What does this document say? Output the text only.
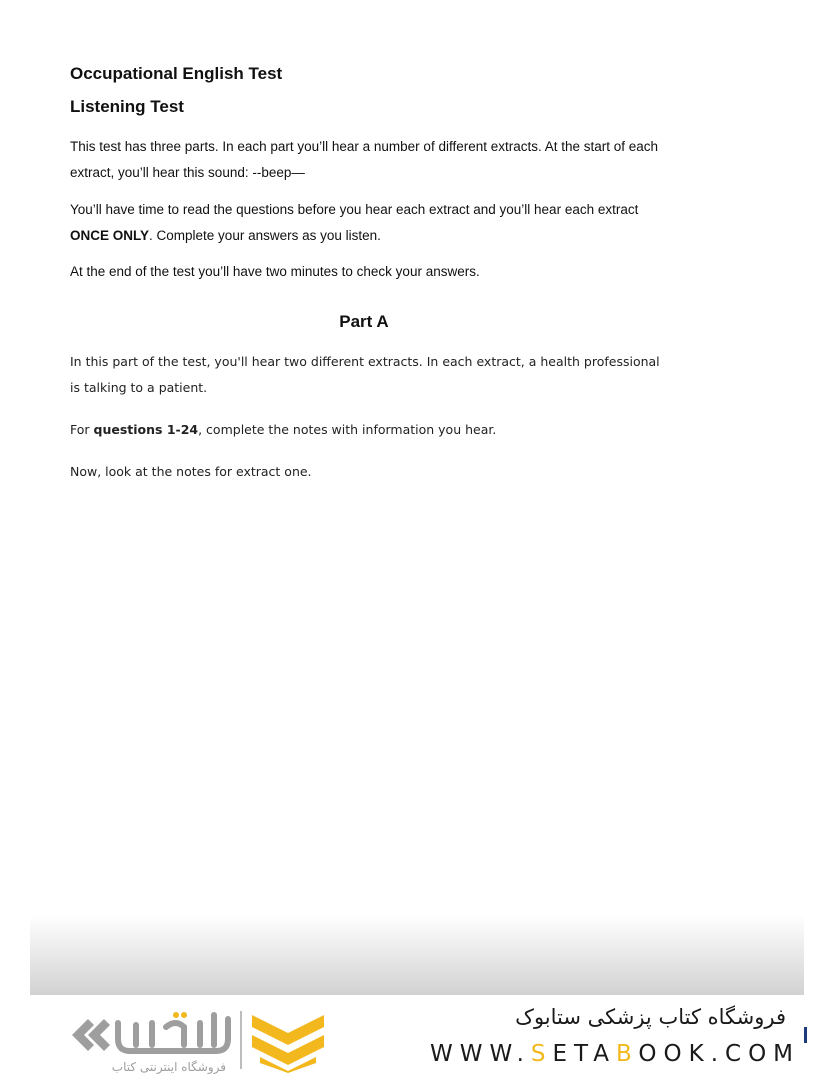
Occupational English Test
Listening Test

This test has three parts. In each part you’ll hear a number of different extracts. At the start of each extract, you’ll hear this sound: --beep—

You’ll have time to read the questions before you hear each extract and you’ll hear each extract ONCE ONLY. Complete your answers as you listen.

At the end of the test you’ll have two minutes to check your answers.

Part A

In this part of the test, you'll hear two different extracts. In each extract, a health professional is talking to a patient.

For questions 1-24, complete the notes with information you hear.

Now, look at the notes for extract one.

فروشگاه اینترنتی کتاب
فروشگاه کتاب پزشکی ستابوک
WWW.SETABOOK.COM
